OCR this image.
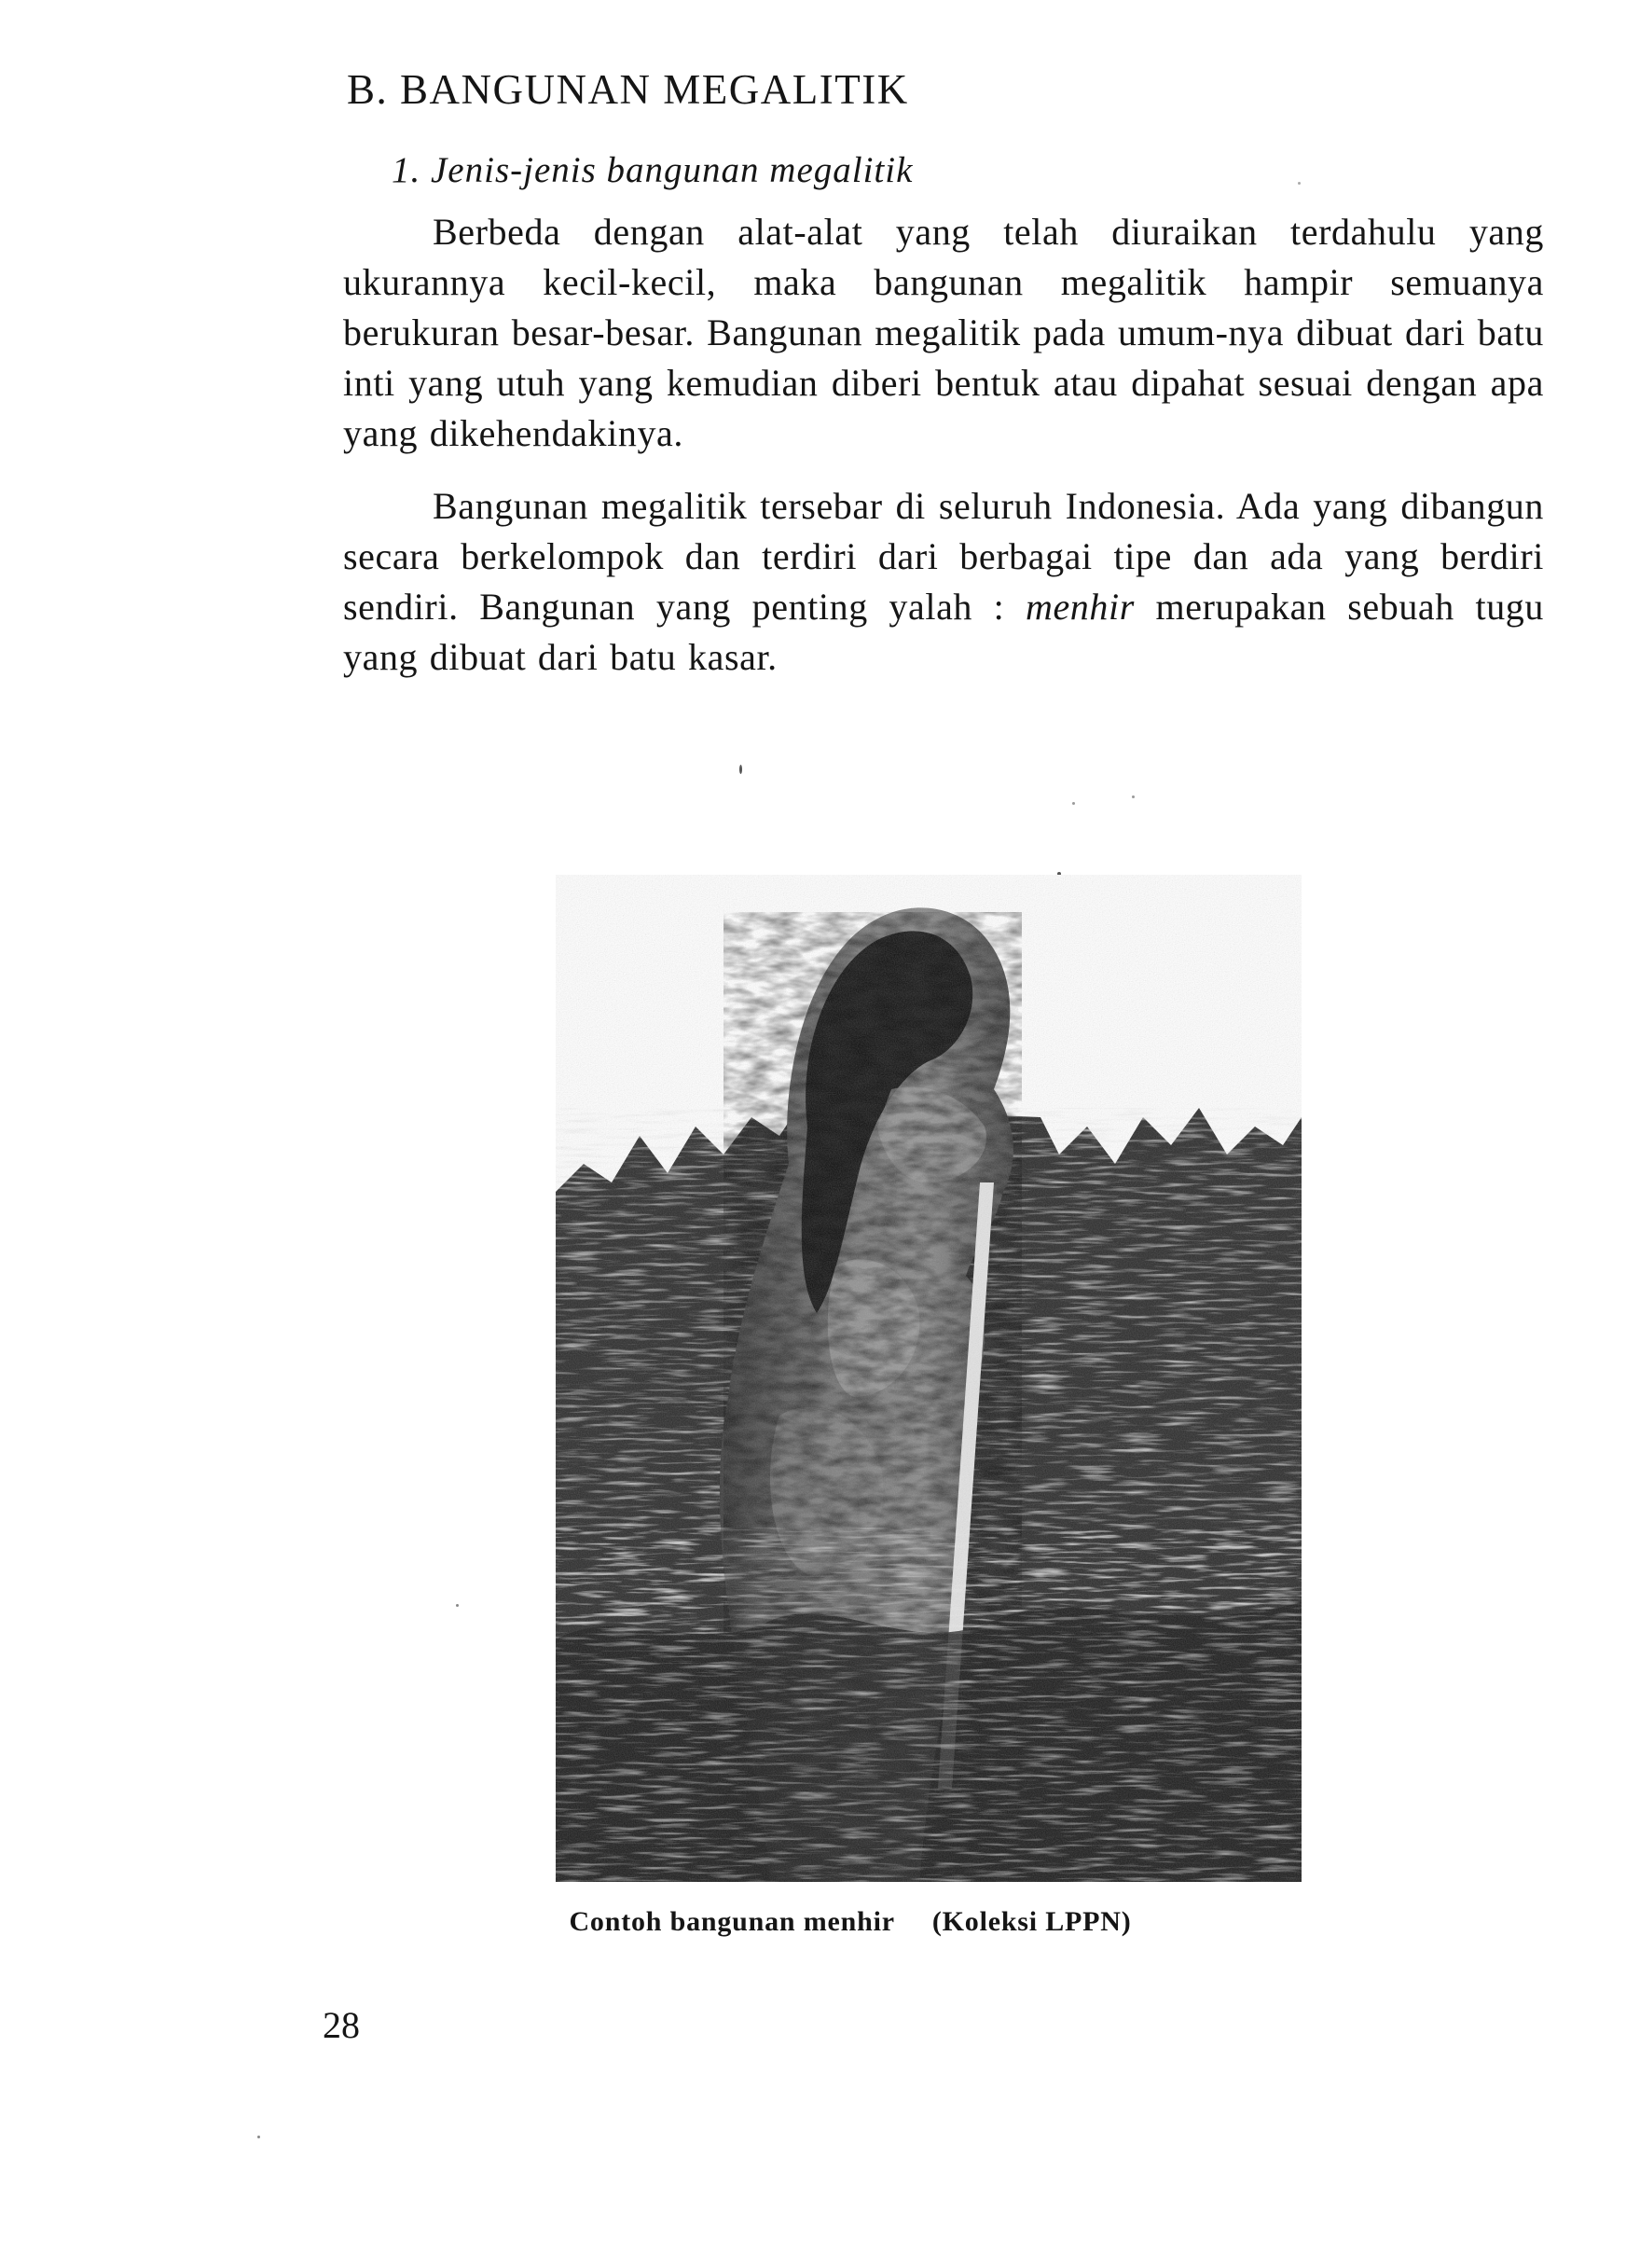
B. BANGUNAN MEGALITIK
1. Jenis-jenis bangunan megalitik

Berbeda dengan alat-alat yang telah diuraikan terdahulu yang ukurannya kecil-kecil, maka bangunan megalitik hampir semuanya berukuran besar-besar. Bangunan megalitik pada umum-nya dibuat dari batu inti yang utuh yang kemudian diberi bentuk atau dipahat sesuai dengan apa yang dikehendakinya.

Bangunan megalitik tersebar di seluruh Indonesia. Ada yang dibangun secara berkelompok dan terdiri dari berbagai tipe dan ada yang berdiri sendiri. Bangunan yang penting yalah : menhir merupakan sebuah tugu yang dibuat dari batu kasar.

Contoh bangunan menhir (Koleksi LPPN)
28
